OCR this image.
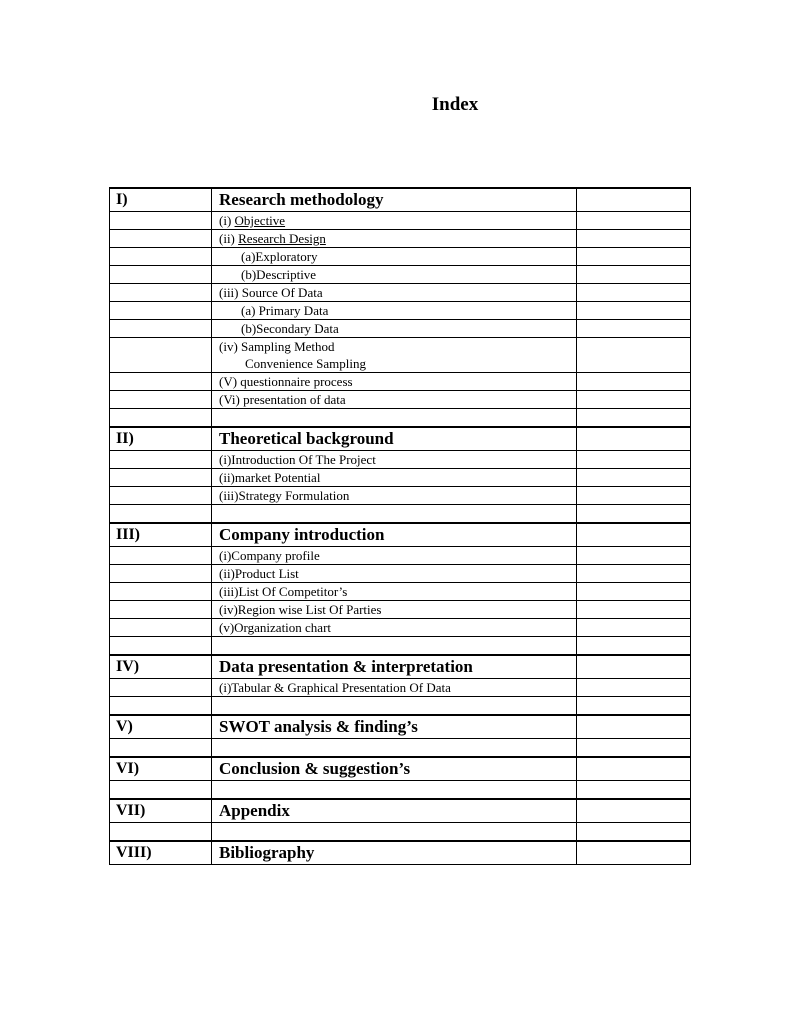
Index
I)	Research methodology	
	(i) Objective	
	(ii) Research Design	
	(a)Exploratory	
	(b)Descriptive	
	(iii) Source Of Data	
	(a) Primary Data	
	(b)Secondary Data	
	(iv) Sampling Method
Convenience Sampling	
	(V) questionnaire process	
	(Vi) presentation of data	

II)	Theoretical background	
	(i)Introduction Of The Project	
	(ii)market Potential	
	(iii)Strategy Formulation	

III)	Company introduction	
	(i)Company profile	
	(ii)Product List	
	(iii)List Of Competitor’s	
	(iv)Region wise List Of Parties	
	(v)Organization chart	

IV)	Data presentation & interpretation	
	(i)Tabular & Graphical Presentation Of Data	

V)	SWOT analysis & finding’s	

VI)	Conclusion & suggestion’s	

VII)	Appendix	

VIII)	Bibliography	
